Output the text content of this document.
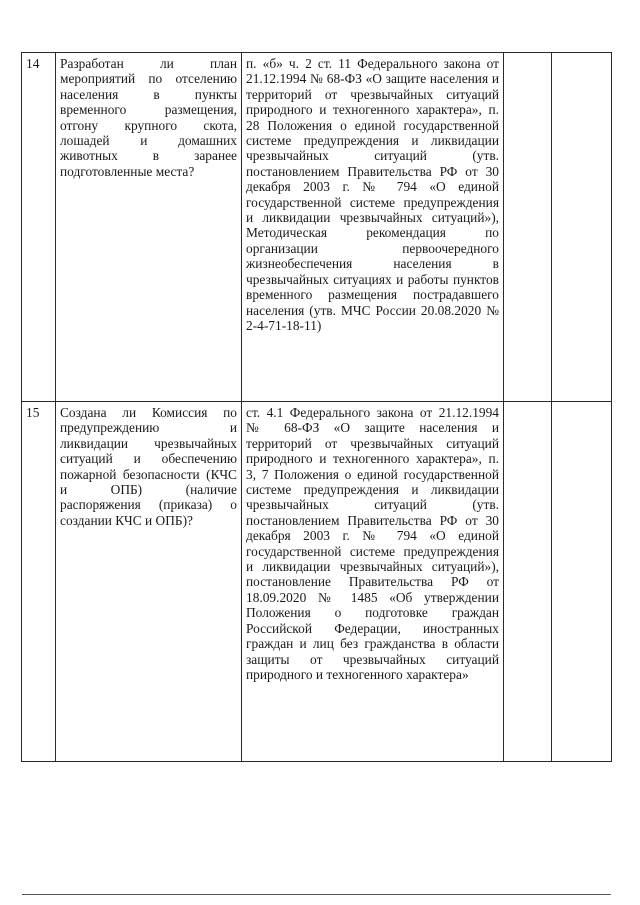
14	Разработан ли план мероприятий по отселению населения в пункты временного размещения, отгону крупного скота, лошадей и домашних животных в заранее подготовленные места?	п. «б» ч. 2 ст. 11 Федерального закона от 21.12.1994 № 68-ФЗ «О защите населения и территорий от чрезвычайных ситуаций природного и техногенного характера», п. 28 Положения о единой государственной системе предупреждения и ликвидации чрезвычайных ситуаций (утв. постановлением Правительства РФ от 30 декабря 2003 г. № 794 «О единой государственной системе предупреждения и ликвидации чрезвычайных ситуаций»), Методическая рекомендация по организации первоочередного жизнеобеспечения населения в чрезвычайных ситуациях и работы пунктов временного размещения пострадавшего населения (утв. МЧС России 20.08.2020 № 2-4-71-18-11)		
15	Создана ли Комиссия по предупреждению и ликвидации чрезвычайных ситуаций и обеспечению пожарной безопасности (КЧС и ОПБ) (наличие распоряжения (приказа) о создании КЧС и ОПБ)?	ст. 4.1 Федерального закона от 21.12.1994 № 68-ФЗ «О защите населения и территорий от чрезвычайных ситуаций природного и техногенного характера», п. 3, 7 Положения о единой государственной системе предупреждения и ликвидации чрезвычайных ситуаций (утв. постановлением Правительства РФ от 30 декабря 2003 г. № 794 «О единой государственной системе предупреждения и ликвидации чрезвычайных ситуаций»), постановление Правительства РФ от 18.09.2020 № 1485 «Об утверждении Положения о подготовке граждан Российской Федерации, иностранных граждан и лиц без гражданства в области защиты от чрезвычайных ситуаций природного и техногенного характера»		
